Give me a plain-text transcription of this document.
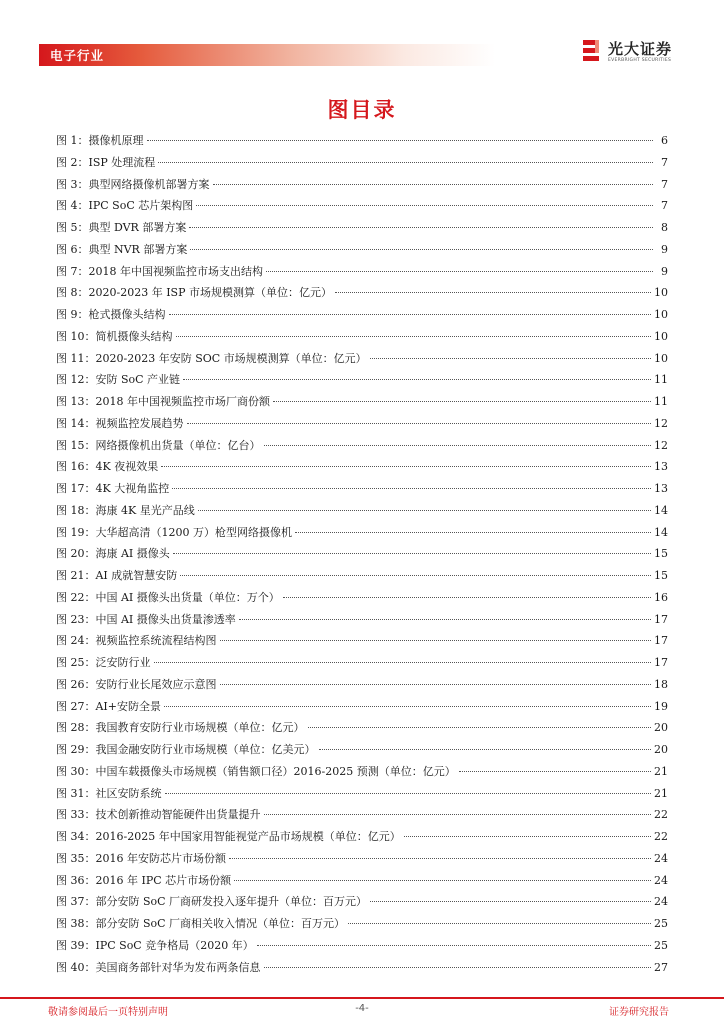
电子行业	光大证券
EVERBRIGHT SECURITIES
图目录
图 1：摄像机原理	6
图 2：ISP 处理流程	7
图 3：典型网络摄像机部署方案	7
图 4：IPC SoC 芯片架构图	7
图 5：典型 DVR 部署方案	8
图 6：典型 NVR 部署方案	9
图 7：2018 年中国视频监控市场支出结构	9
图 8：2020-2023 年 ISP 市场规模测算（单位：亿元）	10
图 9：枪式摄像头结构	10
图 10：简机摄像头结构	10
图 11：2020-2023 年安防 SOC 市场规模测算（单位：亿元）	10
图 12：安防 SoC 产业链	11
图 13：2018 年中国视频监控市场厂商份额	11
图 14：视频监控发展趋势	12
图 15：网络摄像机出货量（单位：亿台）	12
图 16：4K 夜视效果	13
图 17：4K 大视角监控	13
图 18：海康 4K 星光产品线	14
图 19：大华超高清（1200 万）枪型网络摄像机	14
图 20：海康 AI 摄像头	15
图 21：AI 成就智慧安防	15
图 22：中国 AI 摄像头出货量（单位：万个）	16
图 23：中国 AI 摄像头出货量渗透率	17
图 24：视频监控系统流程结构图	17
图 25：泛安防行业	17
图 26：安防行业长尾效应示意图	18
图 27：AI+安防全景	19
图 28：我国教育安防行业市场规模（单位：亿元）	20
图 29：我国金融安防行业市场规模（单位：亿美元）	20
图 30：中国车载摄像头市场规模（销售额口径）2016-2025 预测（单位：亿元）	21
图 31：社区安防系统	21
图 33：技术创新推动智能硬件出货量提升	22
图 34：2016-2025 年中国家用智能视觉产品市场规模（单位：亿元）	22
图 35：2016 年安防芯片市场份额	24
图 36：2016 年 IPC 芯片市场份额	24
图 37：部分安防 SoC 厂商研发投入逐年提升（单位：百万元）	24
图 38：部分安防 SoC 厂商相关收入情况（单位：百万元）	25
图 39：IPC SoC 竞争格局（2020 年）	25
图 40：美国商务部针对华为发布两条信息	27
敬请参阅最后一页特别声明	-4-	证券研究报告
